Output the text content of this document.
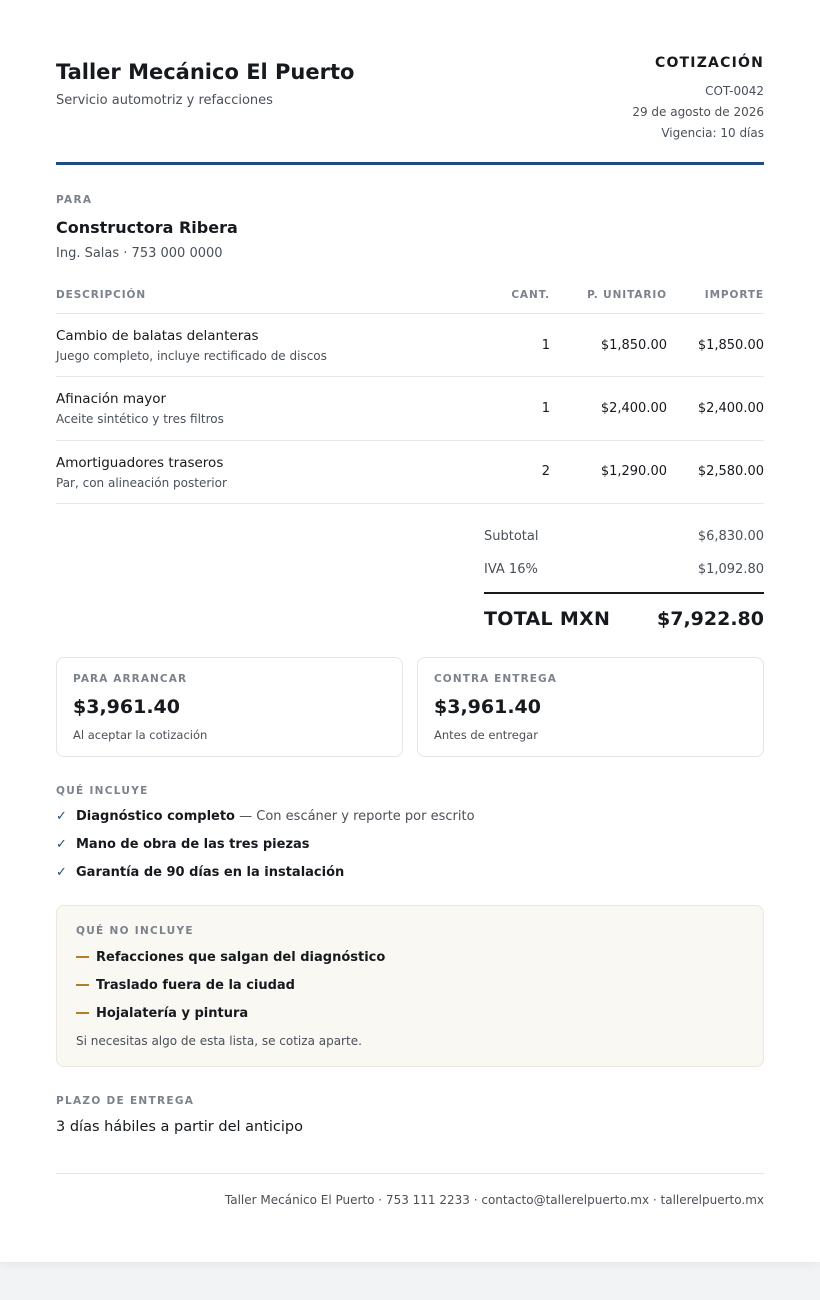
Taller Mecánico El Puerto
Servicio automotriz y refacciones
COTIZACIÓN
COT-0042
29 de agosto de 2026
Vigencia: 10 días
PARA
Constructora Ribera
Ing. Salas · 753 000 0000
DESCRIPCIÓN	CANT.	P. UNITARIO	IMPORTE
Cambio de balatas delanteras
Juego completo, incluye rectificado de discos
1	$1,850.00 $1,850.00
Afinación mayor
Aceite sintético y tres filtros
1	$2,400.00 $2,400.00
Amortiguadores traseros
Par, con alineación posterior
2	$1,290.00 $2,580.00
Subtotal	$6,830.00
IVA 16%	$1,092.80
TOTAL MXN $7,922.80
PARA ARRANCAR
$3,961.40
Al aceptar la cotización
CONTRA ENTREGA
$3,961.40
Antes de entregar
QUÉ INCLUYE
✓ Diagnóstico completo — Con escáner y reporte por escrito
✓ Mano de obra de las tres piezas
✓ Garantía de 90 días en la instalación
QUÉ NO INCLUYE
Refacciones que salgan del diagnóstico
Traslado fuera de la ciudad
Hojalatería y pintura
Si necesitas algo de esta lista, se cotiza aparte.
PLAZO DE ENTREGA
3 días hábiles a partir del anticipo
Taller Mecánico El Puerto · 753 111 2233 · contacto@tallerelpuerto.mx · tallerelpuerto.mx
